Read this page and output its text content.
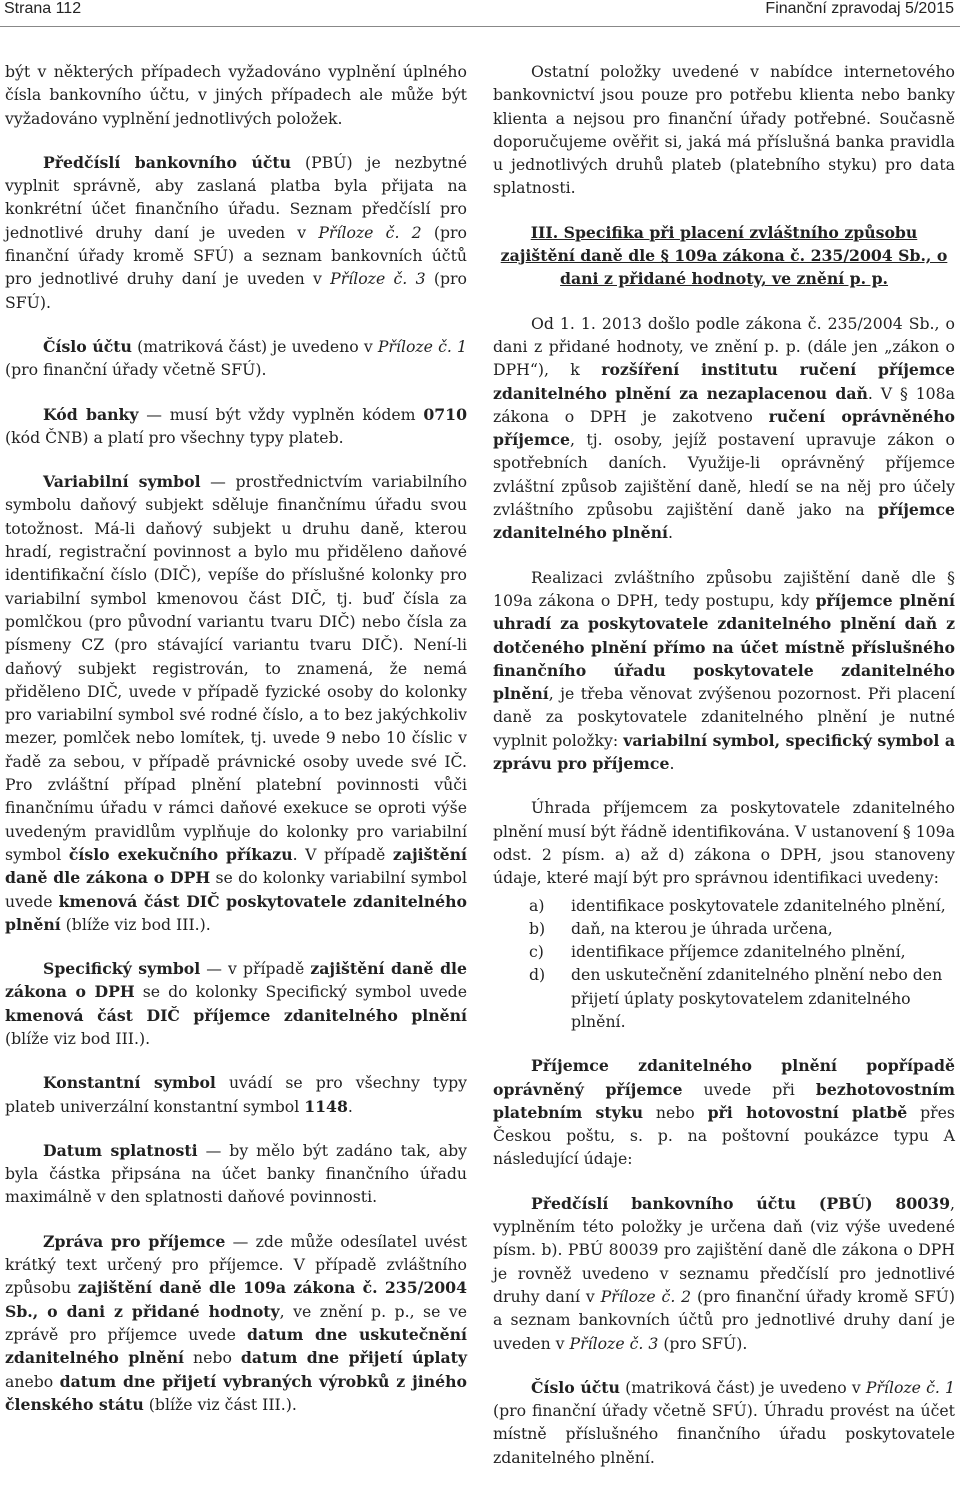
Strana 112	Finanční zpravodaj 5/2015

být v některých případech vyžadováno vyplnění úplného čísla bankovního účtu, v jiných případech ale může být vyžadováno vyplnění jednotlivých položek.

Předčíslí bankovního účtu (PBÚ) je nezbytné vyplnit správně, aby zaslaná platba byla přijata na konkrétní účet finančního úřadu. Seznam předčíslí pro jednotlivé druhy daní je uveden v Příloze č. 2 (pro finanční úřady kromě SFÚ) a seznam bankovních účtů pro jednotlivé druhy daní je uveden v Příloze č. 3 (pro SFÚ).

Číslo účtu (matriková část) je uvedeno v Příloze č. 1 (pro finanční úřady včetně SFÚ).

Kód banky — musí být vždy vyplněn kódem 0710 (kód ČNB) a platí pro všechny typy plateb.

Variabilní symbol — prostřednictvím variabilního symbolu daňový subjekt sděluje finančnímu úřadu svou totožnost. Má-li daňový subjekt u druhu daně, kterou hradí, registrační povinnost a bylo mu přiděleno daňové identifikační číslo (DIČ), vepíše do příslušné kolonky pro variabilní symbol kmenovou část DIČ, tj. buď čísla za pomlčkou (pro původní variantu tvaru DIČ) nebo čísla za písmeny CZ (pro stávající variantu tvaru DIČ). Není-li daňový subjekt registrován, to znamená, že nemá přiděleno DIČ, uvede v případě fyzické osoby do kolonky pro variabilní symbol své rodné číslo, a to bez jakýchkoliv mezer, pomlček nebo lomítek, tj. uvede 9 nebo 10 číslic v řadě za sebou, v případě právnické osoby uvede své IČ. Pro zvláštní případ plnění platební povinnosti vůči finančnímu úřadu v rámci daňové exekuce se oproti výše uvedeným pravidlům vyplňuje do kolonky pro variabilní symbol číslo exekučního příkazu. V případě zajištění daně dle zákona o DPH se do kolonky variabilní symbol uvede kmenová část DIČ poskytovatele zdanitelného plnění (blíže viz bod III.).

Specifický symbol — v případě zajištění daně dle zákona o DPH se do kolonky Specifický symbol uvede kmenová část DIČ příjemce zdanitelného plnění (blíže viz bod III.).

Konstantní symbol uvádí se pro všechny typy plateb univerzální konstantní symbol 1148.

Datum splatnosti — by mělo být zadáno tak, aby byla částka připsána na účet banky finančního úřadu maximálně v den splatnosti daňové povinnosti.

Zpráva pro příjemce — zde může odesílatel uvést krátký text určený pro příjemce. V případě zvláštního způsobu zajištění daně dle 109a zákona č. 235/2004 Sb., o dani z přidané hodnoty, ve znění p. p., se ve zprávě pro příjemce uvede datum dne uskutečnění zdanitelného plnění nebo datum dne přijetí úplaty anebo datum dne přijetí vybraných výrobků z jiného členského státu (blíže viz část III.).

Ostatní položky uvedené v nabídce internetového bankovnictví jsou pouze pro potřebu klienta nebo banky klienta a nejsou pro finanční úřady potřebné. Současně doporučujeme ověřit si, jaká má příslušná banka pravidla u jednotlivých druhů plateb (platebního styku) pro data splatnosti.

III. Specifika při placení zvláštního způsobu zajištění daně dle § 109a zákona č. 235/2004 Sb., o dani z přidané hodnoty, ve znění p. p.

Od 1. 1. 2013 došlo podle zákona č. 235/2004 Sb., o dani z přidané hodnoty, ve znění p. p. (dále jen „zákon o DPH“), k rozšíření institutu ručení příjemce zdanitelného plnění za nezaplacenou daň. V § 108a zákona o DPH je zakotveno ručení oprávněného příjemce, tj. osoby, jejíž postavení upravuje zákon o spotřebních daních. Využije-li oprávněný příjemce zvláštní způsob zajištění daně, hledí se na něj pro účely zvláštního způsobu zajištění daně jako na příjemce zdanitelného plnění.

Realizaci zvláštního způsobu zajištění daně dle § 109a zákona o DPH, tedy postupu, kdy příjemce plnění uhradí za poskytovatele zdanitelného plnění daň z dotčeného plnění přímo na účet místně příslušného finančního úřadu poskytovatele zdanitelného plnění, je třeba věnovat zvýšenou pozornost. Při placení daně za poskytovatele zdanitelného plnění je nutné vyplnit položky: variabilní symbol, specifický symbol a zprávu pro příjemce.

Úhrada příjemcem za poskytovatele zdanitelného plnění musí být řádně identifikována. V ustanovení § 109a odst. 2 písm. a) až d) zákona o DPH, jsou stanoveny údaje, které mají být pro správnou identifikaci uvedeny:

a)	identifikace poskytovatele zdanitelného plnění,
b)	daň, na kterou je úhrada určena,
c)	identifikace příjemce zdanitelného plnění,
d)	den uskutečnění zdanitelného plnění nebo den přijetí úplaty poskytovatelem zdanitelného plnění.

Příjemce zdanitelného plnění popřípadě oprávněný příjemce uvede při bezhotovostním platebním styku nebo při hotovostní platbě přes Českou poštu, s. p. na poštovní poukázce typu A následující údaje:

Předčíslí bankovního účtu (PBÚ) 80039, vyplněním této položky je určena daň (viz výše uvedené písm. b). PBÚ 80039 pro zajištění daně dle zákona o DPH je rovněž uvedeno v seznamu předčíslí pro jednotlivé druhy daní v Příloze č. 2 (pro finanční úřady kromě SFÚ) a seznam bankovních účtů pro jednotlivé druhy daní je uveden v Příloze č. 3 (pro SFÚ).

Číslo účtu (matriková část) je uvedeno v Příloze č. 1 (pro finanční úřady včetně SFÚ). Úhradu provést na účet místně příslušného finančního úřadu poskytovatele zdanitelného plnění.
